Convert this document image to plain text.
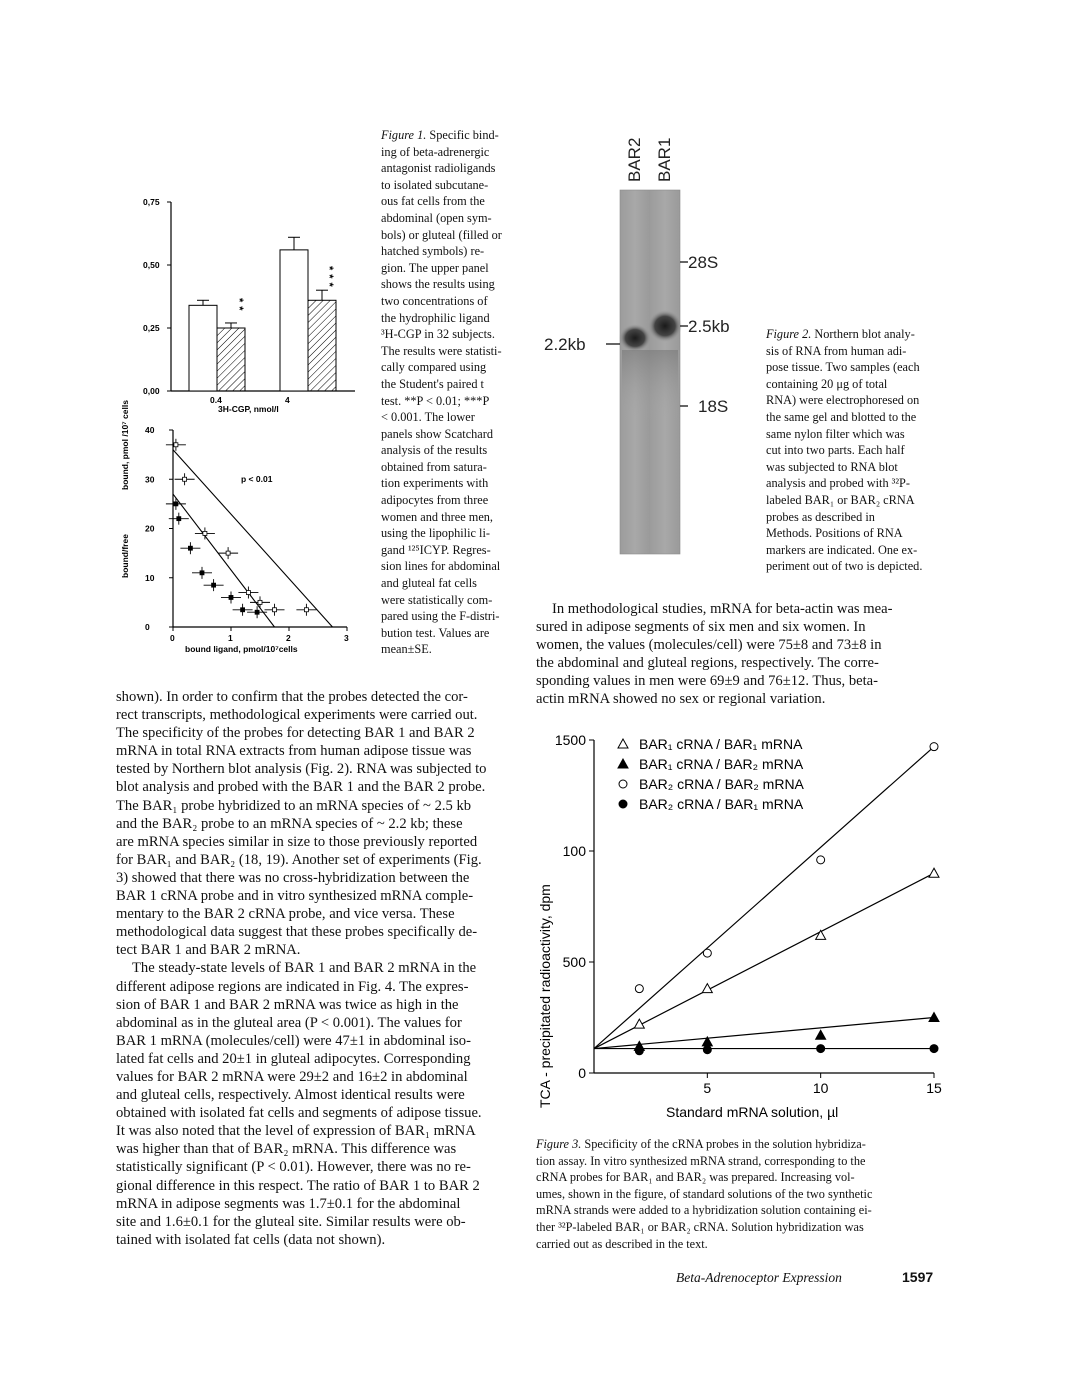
bound, pmol /10⁷ cells
0,75
0,50
0,25
0,00
**
***
0.4	4
3H-CGP, nmol/l
bound/free
40
30
20
10
0
0	1	2	3
p < 0.01
bound ligand, pmol/10⁷cells
Figure 1. Specific bind-
ing of beta-adrenergic
antagonist radioligands
to isolated subcutane-
ous fat cells from the
abdominal (open sym-
bols) or gluteal (filled or
hatched symbols) re-
gion. The upper panel
shows the results using
two concentrations of
the hydrophilic ligand
³H-CGP in 32 subjects.
The results were statisti-
cally compared using
the Student's paired t
test. **P < 0.01; ***P
< 0.001. The lower
panels show Scatchard
analysis of the results
obtained from satura-
tion experiments with
adipocytes from three
women and three men,
using the lipophilic li-
gand ¹²⁵ICYP. Regres-
sion lines for abdominal
and gluteal fat cells
were statistically com-
pared using the F-distri-
bution test. Values are
mean±SE.
BAR2 BAR1
28S
2.5kb
18S
2.2kb
Figure 2. Northern blot analy-
sis of RNA from human adi-
pose tissue. Two samples (each
containing 20 μg of total
RNA) were electrophoresed on
the same gel and blotted to the
same nylon filter which was
cut into two parts. Each half
was subjected to RNA blot
analysis and probed with ³²P-
labeled BAR₁ or BAR₂ cRNA
probes as described in
Methods. Positions of RNA
markers are indicated. One ex-
periment out of two is depicted.
shown). In order to confirm that the probes detected the cor-
rect transcripts, methodological experiments were carried out.
The specificity of the probes for detecting BAR 1 and BAR 2
mRNA in total RNA extracts from human adipose tissue was
tested by Northern blot analysis (Fig. 2). RNA was subjected to
blot analysis and probed with the BAR 1 and the BAR 2 probe.
The BAR₁ probe hybridized to an mRNA species of ~ 2.5 kb
and the BAR₂ probe to an mRNA species of ~ 2.2 kb; these
are mRNA species similar in size to those previously reported
for BAR₁ and BAR₂ (18, 19). Another set of experiments (Fig.
3) showed that there was no cross-hybridization between the
BAR 1 cRNA probe and in vitro synthesized mRNA comple-
mentary to the BAR 2 cRNA probe, and vice versa. These
methodological data suggest that these probes specifically de-
tect BAR 1 and BAR 2 mRNA.
The steady-state levels of BAR 1 and BAR 2 mRNA in the
different adipose regions are indicated in Fig. 4. The expres-
sion of BAR 1 and BAR 2 mRNA was twice as high in the
abdominal as in the gluteal area (P < 0.001). The values for
BAR 1 mRNA (molecules/cell) were 47±1 in abdominal iso-
lated fat cells and 20±1 in gluteal adipocytes. Corresponding
values for BAR 2 mRNA were 29±2 and 16±2 in abdominal
and gluteal cells, respectively. Almost identical results were
obtained with isolated fat cells and segments of adipose tissue.
It was also noted that the level of expression of BAR₁ mRNA
was higher than that of BAR₂ mRNA. This difference was
statistically significant (P < 0.01). However, there was no re-
gional difference in this respect. The ratio of BAR 1 to BAR 2
mRNA in adipose segments was 1.7±0.1 for the abdominal
site and 1.6±0.1 for the gluteal site. Similar results were ob-
tained with isolated fat cells (data not shown).
In methodological studies, mRNA for beta-actin was mea-
sured in adipose segments of six men and six women. In
women, the values (molecules/cell) were 75±8 and 73±8 in
the abdominal and gluteal regions, respectively. The corre-
sponding values in men were 69±9 and 76±12. Thus, beta-
actin mRNA showed no sex or regional variation.
1500
100
500
0
5	10	15
BAR₁ cRNA / BAR₁ mRNA
BAR₁ cRNA / BAR₂ mRNA
BAR₂ cRNA / BAR₂ mRNA
BAR₂ cRNA / BAR₁ mRNA
Standard mRNA solution, µl
TCA - precipitated radioactivity, dpm
Figure 3. Specificity of the cRNA probes in the solution hybridiza-
tion assay. In vitro synthesized mRNA strand, corresponding to the
cRNA probes for BAR₁ and BAR₂ was prepared. Increasing vol-
umes, shown in the figure, of standard solutions of the two synthetic
mRNA strands were added to a hybridization solution containing ei-
ther ³²P-labeled BAR₁ or BAR₂ cRNA. Solution hybridization was
carried out as described in the text.
Beta-Adrenoceptor Expression	1597
